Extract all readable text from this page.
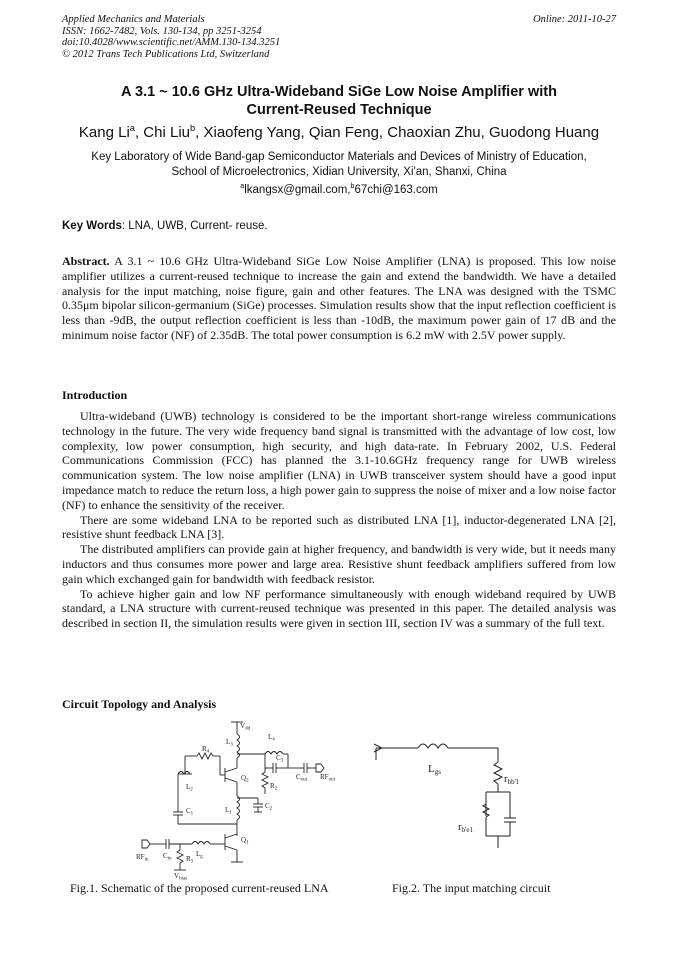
Applied Mechanics and Materials
ISSN: 1662-7482, Vols. 130-134, pp 3251-3254
doi:10.4028/www.scientific.net/AMM.130-134.3251
© 2012 Trans Tech Publications Ltd, Switzerland
Online: 2011-10-27
A 3.1 ~ 10.6 GHz Ultra-Wideband SiGe Low Noise Amplifier with
Current-Reused Technique
Kang Li$^a$, Chi Liu$^b$, Xiaofeng Yang, Qian Feng, Chaoxian Zhu, Guodong Huang
Key Laboratory of Wide Band-gap Semiconductor Materials and Devices of Ministry of Education,
School of Microelectronics, Xidian University, Xi'an, Shanxi, China
$^a$lkangsx@gmail.com,$^b$67chi@163.com
Key Words: LNA, UWB, Current- reuse.
Abstract. A 3.1 ~ 10.6 GHz Ultra-Wideband SiGe Low Noise Amplifier (LNA) is proposed. This low noise amplifier utilizes a current-reused technique to increase the gain and extend the bandwidth. We have a detailed analysis for the input matching, noise figure, gain and other features. The LNA was designed with the TSMC 0.35μm bipolar silicon-germanium (SiGe) processes. Simulation results show that the input reflection coefficient is less than -9dB, the output reflection coefficient is less than -10dB, the maximum power gain of 17 dB and the minimum noise factor (NF) of 2.35dB. The total power consumption is 6.2 mW with 2.5V power supply.
Introduction

Ultra-wideband (UWB) technology is considered to be the important short-range wireless communications technology in the future. The very wide frequency band signal is transmitted with the advantage of low cost, low complexity, low power consumption, high security, and high data-rate. In February 2002, U.S. Federal Communications Commission (FCC) has planned the 3.1-10.6GHz frequency range for UWB wireless communication system. The low noise amplifier (LNA) in UWB transceiver system should have a good input impedance match to reduce the return loss, a high power gain to suppress the noise of mixer and a low noise factor (NF) to enhance the sensitivity of the receiver.

There are some wideband LNA to be reported such as distributed LNA [1], inductor-degenerated LNA [2], resistive shunt feedback LNA [3].

The distributed amplifiers can provide gain at higher frequency, and bandwidth is very wide, but it needs many inductors and thus consumes more power and large area. Resistive shunt feedback amplifiers suffered from low gain which exchanged gain for bandwidth with feedback resistor.

To achieve higher gain and low NF performance simultaneously with enough wideband required by UWB standard, a LNA structure with current-reused technique was presented in this paper. The detailed analysis was described in section II, the simulation results were given in section III, section IV was a summary of the full text.

Circuit Topology and Analysis
$V_{dd}$
$L_3$
$L_4$
$C_3$
$R_4$
$R_2$
$C_{out}$ $RF_{out}$
$Q_2$
$L_2$
$C_1$	$L_1$
$C_2$
$Q_1$
$C_{in}$
$L_g$
$RF_{in}$	$R_3$
$V_{bias}$
Lgs
rbb'1
rb'e1
Fig.1. Schematic of the proposed current-reused LNA	Fig.2. The input matching circuit
